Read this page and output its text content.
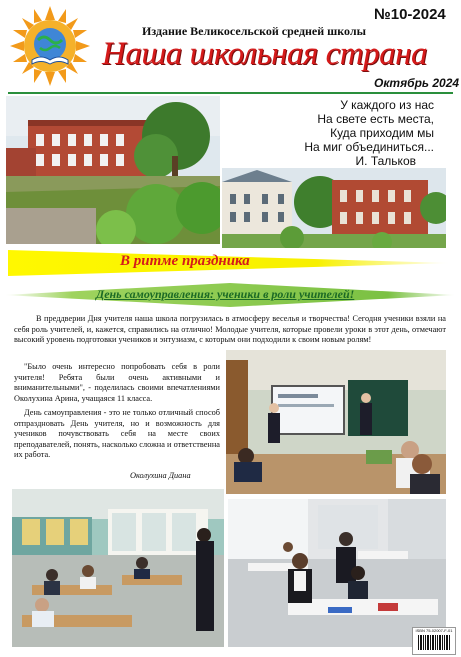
Издание Великосельской средней школы
№10-2024
Наша школьная страна
Октябрь 2024
У каждого из нас
На свете есть места,
Куда приходим мы
На миг объединиться...
И. Тальков
В ритме праздника
День самоуправления: ученики в роли учителей!

В преддверии Дня учителя наша школа погрузилась в атмосферу веселья и творчества! Сегодня ученики взяли на себя роль учителей, и, кажется, справились на отлично! Молодые учителя, которые провели уроки в этот день, отмечают высокий уровень подготовки учеников и энтузиазм, с которым они подходили к своим новым ролям!

"Было очень интересно попробовать себя в роли учителя! Ребята были очень активными и вниманительными", - поделилась своими впечатлениями Околухина Арина, учащаяся 11 класса.

День самоуправления - это не только отличный способ отпраздновать День учителя, но и возможность для учеников почувствовать себя на месте своих преподавателей, понять, насколько сложна и ответственна их работа.

Околухина Диана
ISBN 75-02007-F-01
